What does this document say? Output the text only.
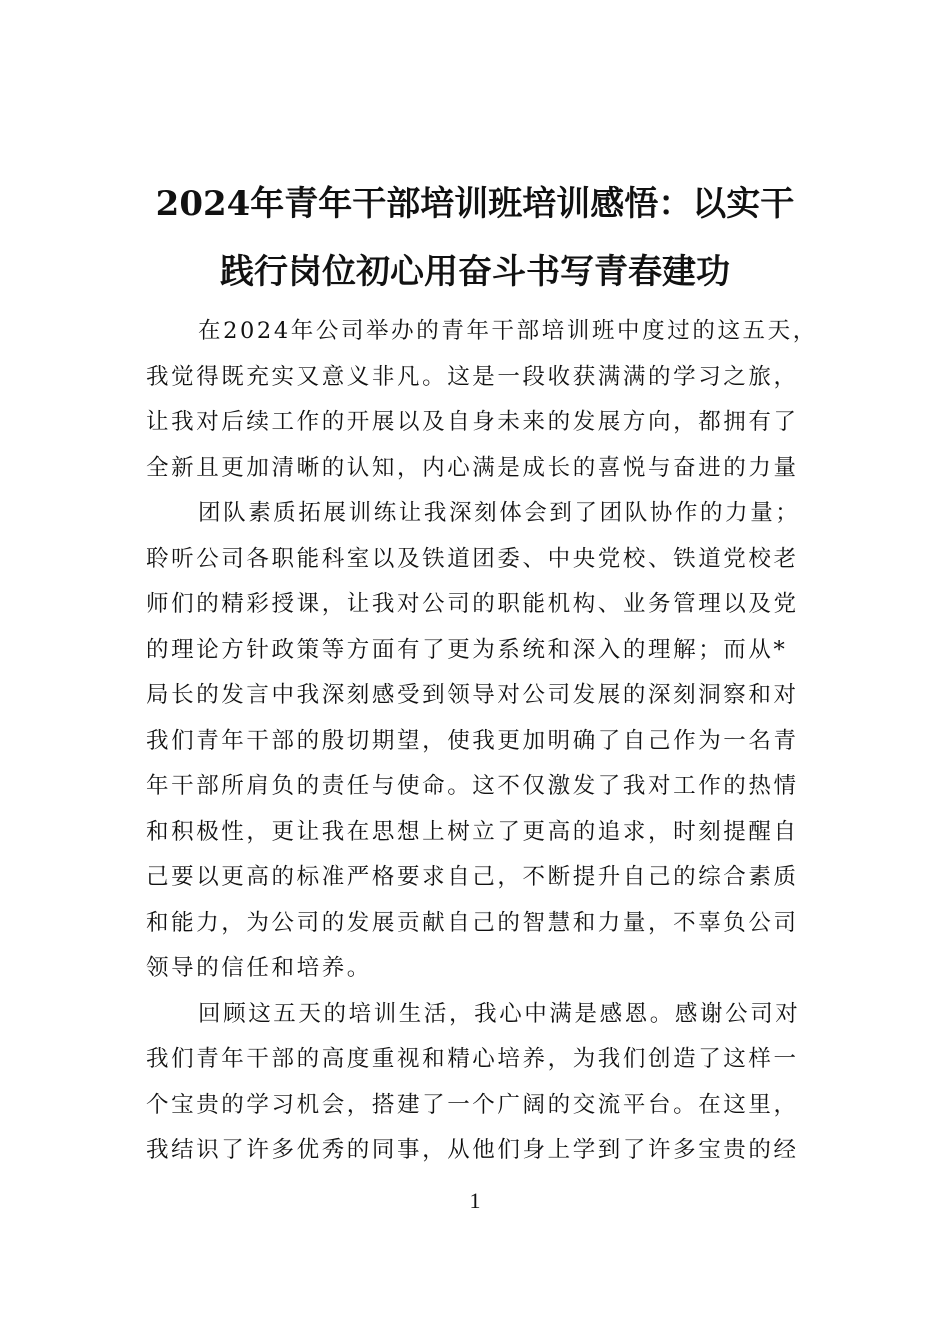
2024年青年干部培训班培训感悟：以实干
践行岗位初心用奋斗书写青春建功
在2024年公司举办的青年干部培训班中度过的这五天，
我觉得既充实又意义非凡。这是一段收获满满的学习之旅，
让我对后续工作的开展以及自身未来的发展方向，都拥有了
全新且更加清晰的认知，内心满是成长的喜悦与奋进的力量
团队素质拓展训练让我深刻体会到了团队协作的力量；
聆听公司各职能科室以及铁道团委、中央党校、铁道党校老
师们的精彩授课，让我对公司的职能机构、业务管理以及党
的理论方针政策等方面有了更为系统和深入的理解；而从*
局长的发言中我深刻感受到领导对公司发展的深刻洞察和对
我们青年干部的殷切期望，使我更加明确了自己作为一名青
年干部所肩负的责任与使命。这不仅激发了我对工作的热情
和积极性，更让我在思想上树立了更高的追求，时刻提醒自
己要以更高的标准严格要求自己，不断提升自己的综合素质
和能力，为公司的发展贡献自己的智慧和力量，不辜负公司
领导的信任和培养。
回顾这五天的培训生活，我心中满是感恩。感谢公司对
我们青年干部的高度重视和精心培养，为我们创造了这样一
个宝贵的学习机会，搭建了一个广阔的交流平台。在这里，
我结识了许多优秀的同事，从他们身上学到了许多宝贵的经
1
